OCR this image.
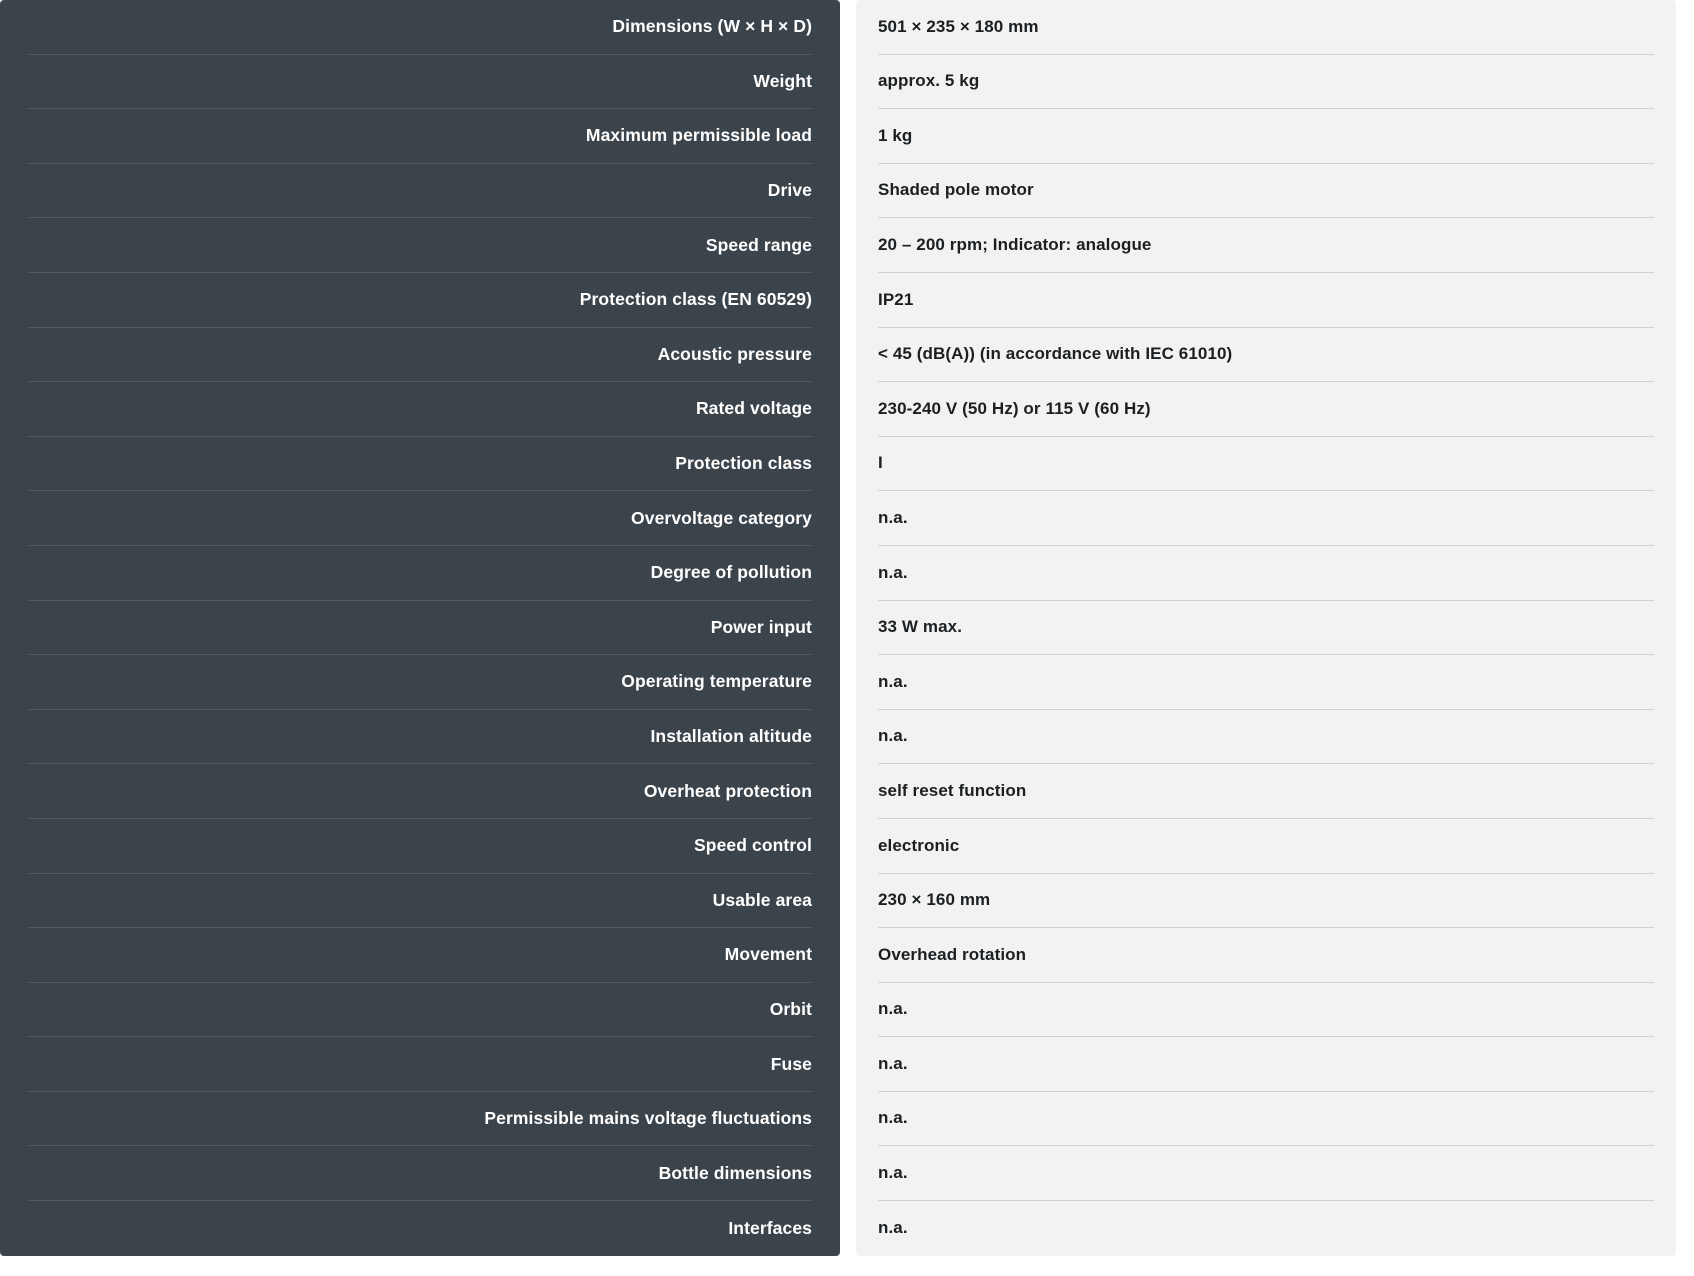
Dimensions (W × H × D)
Weight
Maximum permissible load
Drive
Speed range
Protection class (EN 60529)
Acoustic pressure
Rated voltage
Protection class
Overvoltage category
Degree of pollution
Power input
Operating temperature
Installation altitude
Overheat protection
Speed control
Usable area
Movement
Orbit
Fuse
Permissible mains voltage fluctuations
Bottle dimensions
Interfaces
501 × 235 × 180 mm
approx. 5 kg
1 kg
Shaded pole motor
20 – 200 rpm; Indicator: analogue
IP21
< 45 (dB(A)) (in accordance with IEC 61010)
230-240 V (50 Hz) or 115 V (60 Hz)
I
n.a.
n.a.
33 W max.
n.a.
n.a.
self reset function
electronic
230 × 160 mm
Overhead rotation
n.a.
n.a.
n.a.
n.a.
n.a.
